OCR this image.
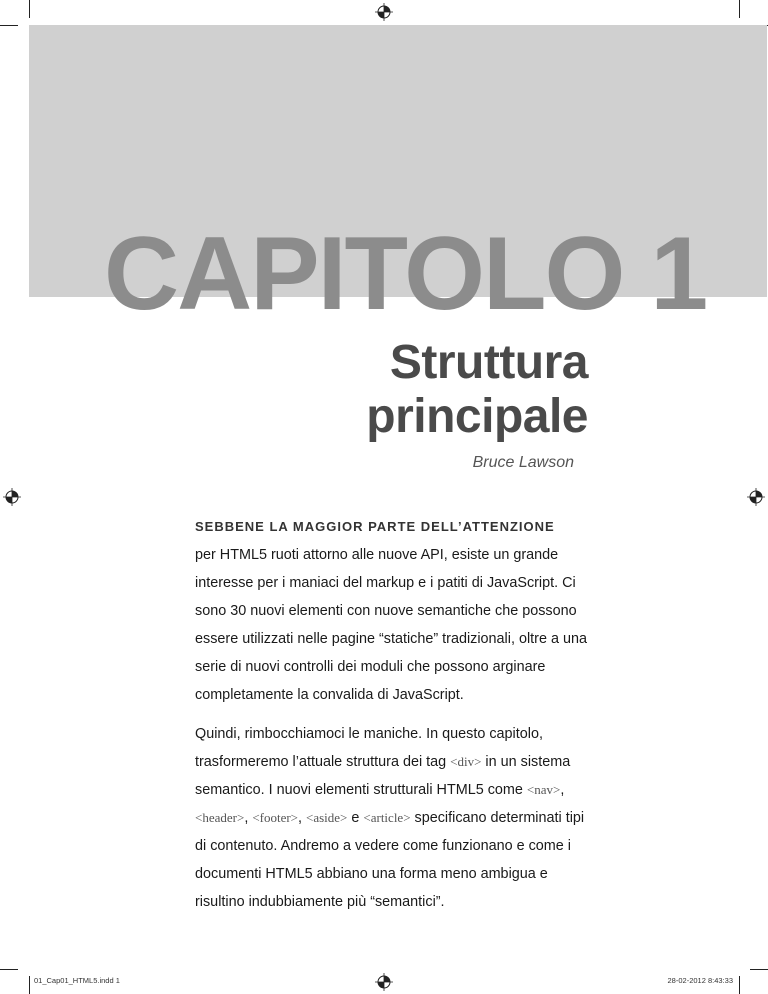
CAPITOLO 1
Struttura
principale

Bruce Lawson

SEBBENE LA MAGGIOR PARTE DELL’ATTENZIONE
per HTML5 ruoti attorno alle nuove API, esiste un grande interesse per i maniaci del markup e i patiti di JavaScript. Ci sono 30 nuovi elementi con nuove semantiche che possono essere utilizzati nelle pagine “statiche” tradizionali, oltre a una serie di nuovi controlli dei moduli che possono arginare completamente la convalida di JavaScript.

Quindi, rimbocchiamoci le maniche. In questo capitolo, trasformeremo l’attuale struttura dei tag <div> in un sistema semantico. I nuovi elementi strutturali HTML5 come <nav>, <header>, <footer>, <aside> e <article> specificano determinati tipi di contenuto. Andremo a vedere come funzionano e come i documenti HTML5 abbiano una forma meno ambigua e risultino indubbiamente più “semantici”.

01_Cap01_HTML5.indd 1	28-02-2012 8:43:33
